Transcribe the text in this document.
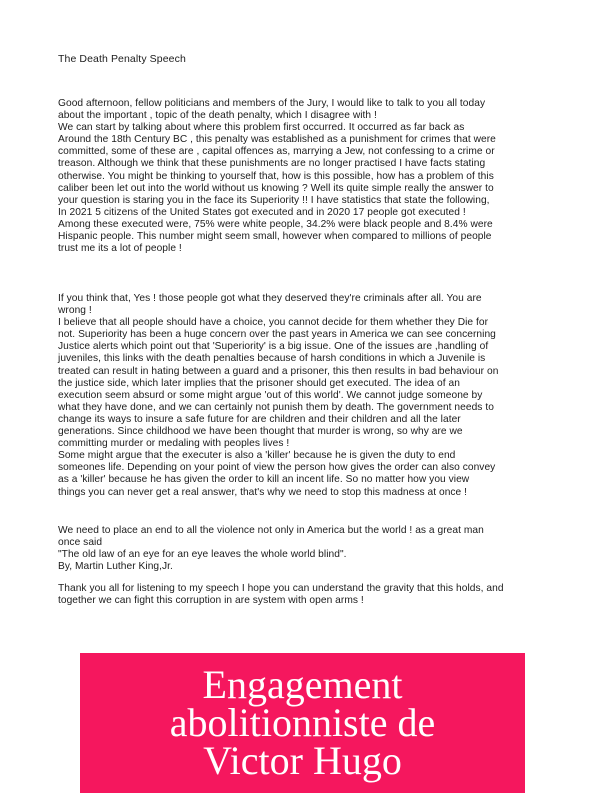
The Death Penalty Speech
Good afternoon, fellow politicians and members of the Jury, I would like to talk to you all today
about the important , topic of the death penalty, which I disagree with !
We can start by talking about where this problem first occurred. It occurred as far back as
Around the 18th Century BC , this penalty was established as a punishment for crimes that were
committed, some of these are , capital offences as, marrying a Jew, not confessing to a crime or
treason. Although we think that these punishments are no longer practised I have facts stating
otherwise. You might be thinking to yourself that, how is this possible, how has a problem of this
caliber been let out into the world without us knowing ? Well its quite simple really the answer to
your question is staring you in the face its Superiority !! I have statistics that state the following,
In 2021 5 citizens of the United States got executed and in 2020 17 people got executed !
Among these executed were, 75% were white people, 34.2% were black people and 8.4% were
Hispanic people. This number might seem small, however when compared to millions of people
trust me its a lot of people !
If you think that, Yes ! those people got what they deserved they're criminals after all. You are
wrong !
I believe that all people should have a choice, you cannot decide for them whether they Die for
not. Superiority has been a huge concern over the past years in America we can see concerning
Justice alerts which point out that 'Superiority' is a big issue. One of the issues are ,handling of
juveniles, this links with the death penalties because of harsh conditions in which a Juvenile is
treated can result in hating between a guard and a prisoner, this then results in bad behaviour on
the justice side, which later implies that the prisoner should get executed. The idea of an
execution seem absurd or some might argue 'out of this world'. We cannot judge someone by
what they have done, and we can certainly not punish them by death. The government needs to
change its ways to insure a safe future for are children and their children and all the later
generations. Since childhood we have been thought that murder is wrong, so why are we
committing murder or medaling with peoples lives !
Some might argue that the executer is also a 'killer' because he is given the duty to end
someones life. Depending on your point of view the person how gives the order can also convey
as a 'killer' because he has given the order to kill an incent life. So no matter how you view
things you can never get a real answer, that's why we need to stop this madness at once !
We need to place an end to all the violence not only in America but the world ! as a great man
once said
"The old law of an eye for an eye leaves the whole world blind".
By, Martin Luther King,Jr.
Thank you all for listening to my speech I hope you can understand the gravity that this holds, and
together we can fight this corruption in are system with open arms !
Engagement
abolitionniste de
Victor Hugo
